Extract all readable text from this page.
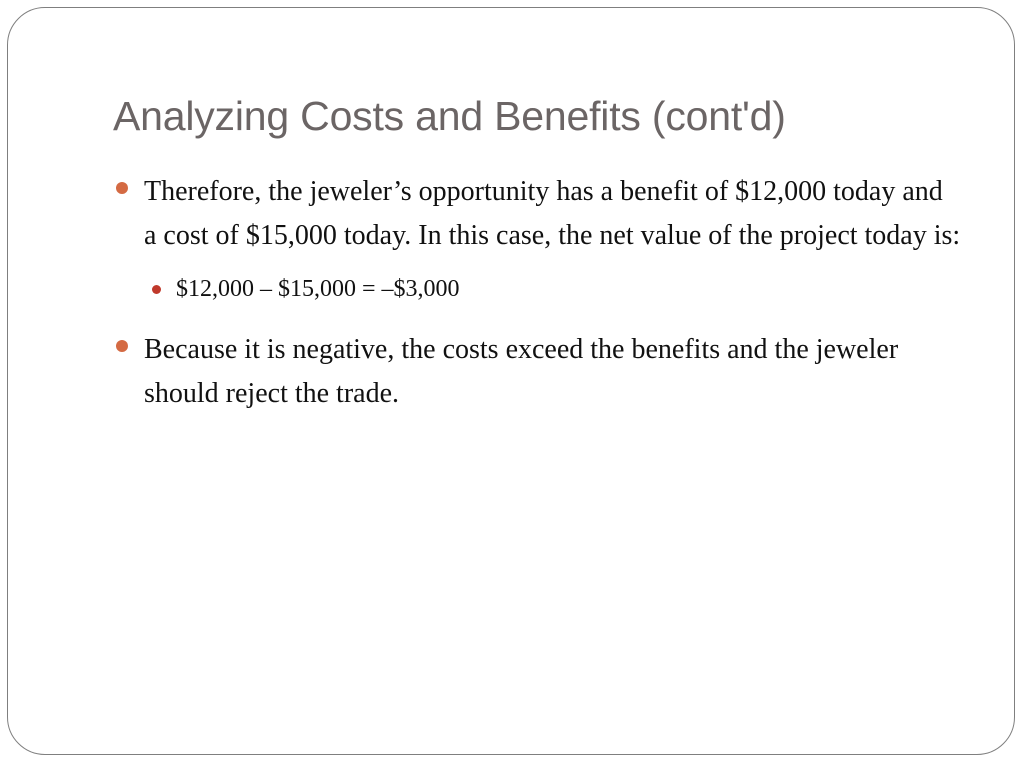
Analyzing Costs and Benefits (cont'd)
Therefore, the jeweler’s opportunity has a benefit of $12,000 today and a cost of $15,000 today. In this case, the net value of the project today is:
$12,000 – $15,000 = –$3,000
Because it is negative, the costs exceed the benefits and the jeweler should reject the trade.
